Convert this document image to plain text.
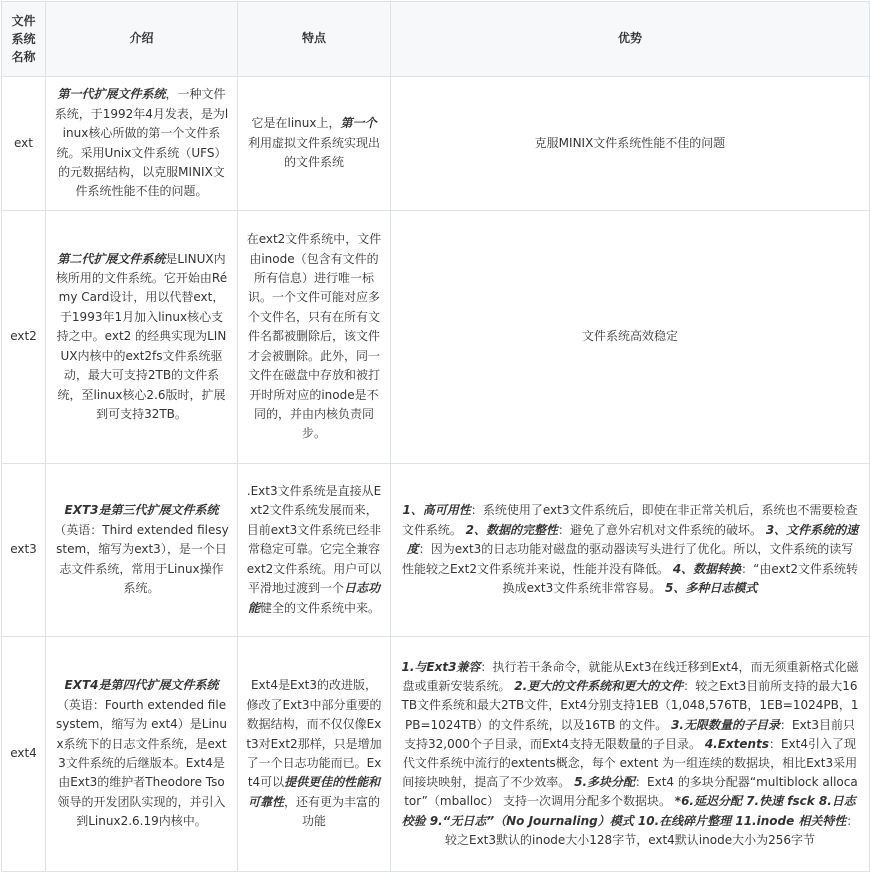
文件系统名称	介绍	特点	优势
ext	第一代扩展文件系统，一种文件系统，于1992年4月发表，是为linux核心所做的第一个文件系统。采用Unix文件系统（UFS）的元数据结构，以克服MINIX文件系统性能不佳的问题。	它是在linux上，第一个利用虚拟文件系统实现出的文件系统	克服MINIX文件系统性能不佳的问题
ext2	第二代扩展文件系统是LINUX内核所用的文件系统。它开始由Rémy Card设计，用以代替ext，于1993年1月加入linux核心支持之中。ext2 的经典实现为LINUX内核中的ext2fs文件系统驱动，最大可支持2TB的文件系统，至linux核心2.6版时，扩展到可支持32TB。	在ext2文件系统中，文件由inode（包含有文件的所有信息）进行唯一标识。一个文件可能对应多个文件名，只有在所有文件名都被删除后，该文件才会被删除。此外，同一文件在磁盘中存放和被打开时所对应的inode是不同的，并由内核负责同步。	文件系统高效稳定
ext3	EXT3是第三代扩展文件系统（英语：Third extended filesystem，缩写为ext3），是一个日志文件系统，常用于Linux操作系统。	.Ext3文件系统是直接从Ext2文件系统发展而来，目前ext3文件系统已经非常稳定可靠。它完全兼容ext2文件系统。用户可以平滑地过渡到一个日志功能健全的文件系统中来。	1、高可用性：系统使用了ext3文件系统后，即使在非正常关机后，系统也不需要检查文件系统。 2、数据的完整性：避免了意外宕机对文件系统的破坏。 3、文件系统的速度：因为ext3的日志功能对磁盘的驱动器读写头进行了优化。所以，文件系统的读写性能较之Ext2文件系统并来说，性能并没有降低。 4、数据转换：“由ext2文件系统转换成ext3文件系统非常容易。 5、多种日志模式
ext4	EXT4是第四代扩展文件系统（英语：Fourth extended filesystem，缩写为 ext4）是Linux系统下的日志文件系统，是ext3文件系统的后继版本。Ext4是由Ext3的维护者Theodore Tso领导的开发团队实现的，并引入到Linux2.6.19内核中。	Ext4是Ext3的改进版，修改了Ext3中部分重要的数据结构，而不仅仅像Ext3对Ext2那样，只是增加了一个日志功能而已。Ext4可以提供更佳的性能和可靠性，还有更为丰富的功能	1.与Ext3兼容：执行若干条命令，就能从Ext3在线迁移到Ext4，而无须重新格式化磁盘或重新安装系统。 2.更大的文件系统和更大的文件：较之Ext3目前所支持的最大16TB文件系统和最大2TB文件，Ext4分别支持1EB（1,048,576TB，1EB=1024PB，1PB=1024TB）的文件系统，以及16TB 的文件。 3.无限数量的子目录：Ext3目前只支持32,000个子目录，而Ext4支持无限数量的子目录。 4.Extents：Ext4引入了现代文件系统中流行的extents概念，每个 extent 为一组连续的数据块，相比Ext3采用间接块映射，提高了不少效率。 5.多块分配：Ext4 的多块分配器“multiblock allocator”（mballoc） 支持一次调用分配多个数据块。 *6.延迟分配 7.快速 fsck 8.日志校验 9.“无日志”（No Journaling）模式 10.在线碎片整理 11.inode 相关特性：较之Ext3默认的inode大小128字节，ext4默认inode大小为256字节
